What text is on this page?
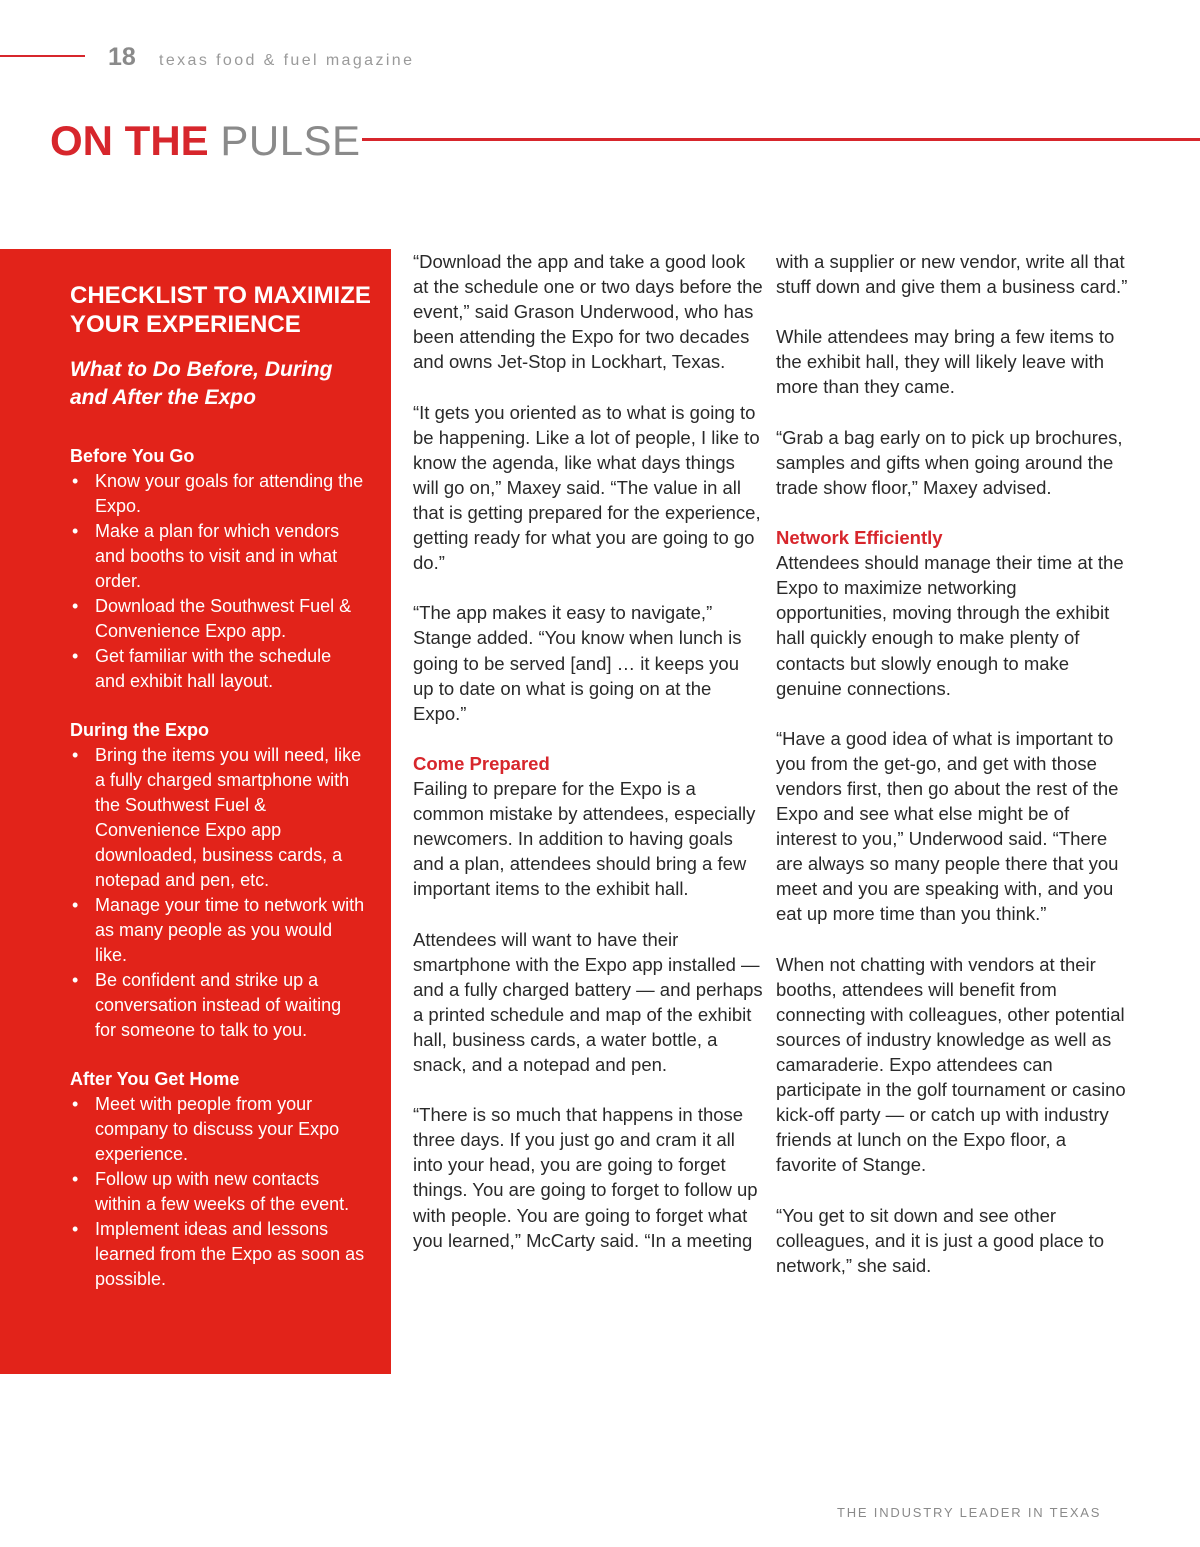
18 texas food & fuel magazine
ON THE PULSE
CHECKLIST TO MAXIMIZE YOUR EXPERIENCE
What to Do Before, During and After the Expo
Before You Go
• Know your goals for attending the Expo.
• Make a plan for which vendors and booths to visit and in what order.
• Download the Southwest Fuel & Convenience Expo app.
• Get familiar with the schedule and exhibit hall layout.
During the Expo
• Bring the items you will need, like a fully charged smartphone with the Southwest Fuel & Convenience Expo app downloaded, business cards, a notepad and pen, etc.
• Manage your time to network with as many people as you would like.
• Be confident and strike up a conversation instead of waiting for someone to talk to you.
After You Get Home
• Meet with people from your company to discuss your Expo experience.
• Follow up with new contacts within a few weeks of the event.
• Implement ideas and lessons learned from the Expo as soon as possible.

“Download the app and take a good look at the schedule one or two days before the event,” said Grason Underwood, who has been attending the Expo for two decades and owns Jet-Stop in Lockhart, Texas.

“It gets you oriented as to what is going to be happening. Like a lot of people, I like to know the agenda, like what days things will go on,” Maxey said. “The value in all that is getting prepared for the experience, getting ready for what you are going to go do.”

“The app makes it easy to navigate,” Stange added. “You know when lunch is going to be served [and] … it keeps you up to date on what is going on at the Expo.”

Come Prepared

Failing to prepare for the Expo is a common mistake by attendees, especially newcomers. In addition to having goals and a plan, attendees should bring a few important items to the exhibit hall.

Attendees will want to have their smartphone with the Expo app installed — and a fully charged battery — and perhaps a printed schedule and map of the exhibit hall, business cards, a water bottle, a snack, and a notepad and pen.

“There is so much that happens in those three days. If you just go and cram it all into your head, you are going to forget things. You are going to forget to follow up with people. You are going to forget what you learned,” McCarty said. “In a meeting

with a supplier or new vendor, write all that stuff down and give them a business card.”

While attendees may bring a few items to the exhibit hall, they will likely leave with more than they came.

“Grab a bag early on to pick up brochures, samples and gifts when going around the trade show floor,” Maxey advised.

Network Efficiently

Attendees should manage their time at the Expo to maximize networking opportunities, moving through the exhibit hall quickly enough to make plenty of contacts but slowly enough to make genuine connections.

“Have a good idea of what is important to you from the get-go, and get with those vendors first, then go about the rest of the Expo and see what else might be of interest to you,” Underwood said. “There are always so many people there that you meet and you are speaking with, and you eat up more time than you think.”

When not chatting with vendors at their booths, attendees will benefit from connecting with colleagues, other potential sources of industry knowledge as well as camaraderie. Expo attendees can participate in the golf tournament or casino kick-off party — or catch up with industry friends at lunch on the Expo floor, a favorite of Stange.

“You get to sit down and see other colleagues, and it is just a good place to network,” she said.

THE INDUSTRY LEADER IN TEXAS
